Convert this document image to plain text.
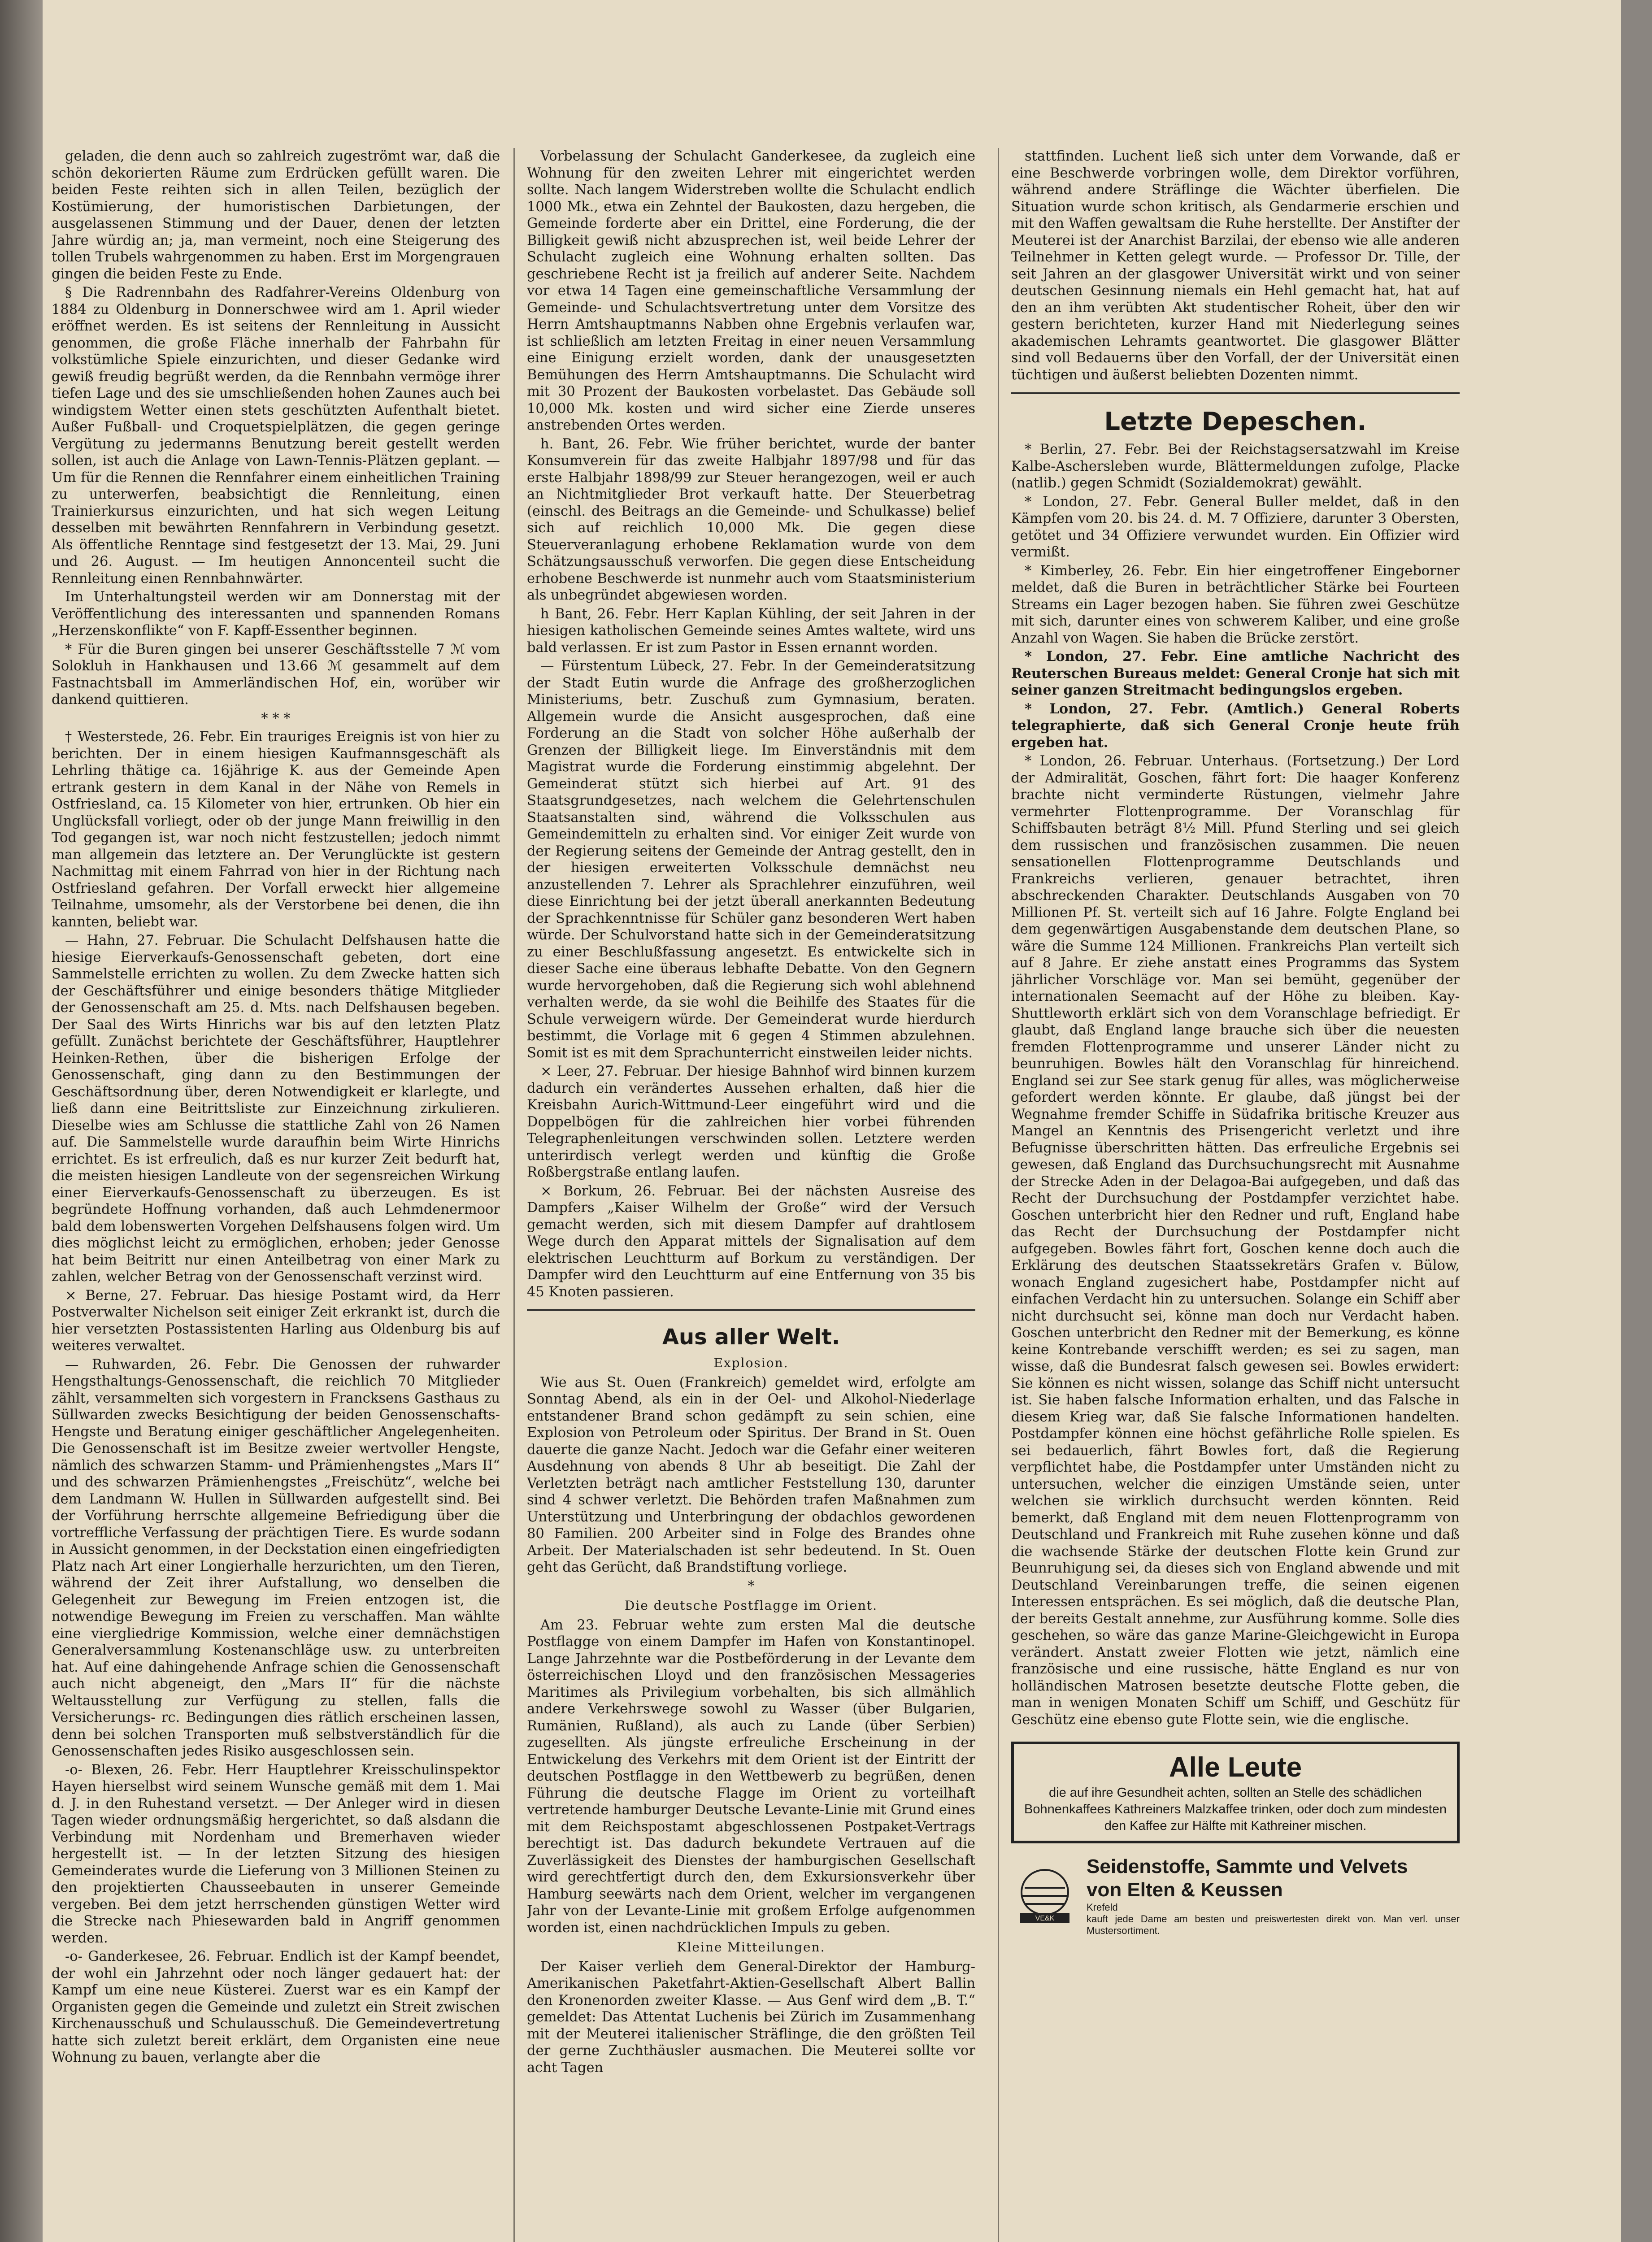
geladen, die denn auch so zahlreich zugeströmt war, daß die schön dekorierten Räume zum Erdrücken gefüllt waren. Die beiden Feste reihten sich in allen Teilen, bezüglich der Kostümierung, der humoristischen Darbietungen, der ausgelassenen Stimmung und der Dauer, denen der letzten Jahre würdig an; ja, man vermeint, noch eine Steigerung des tollen Trubels wahrgenommen zu haben. Erst im Morgengrauen gingen die beiden Feste zu Ende.

§ Die Radrennbahn des Radfahrer-Vereins Oldenburg von 1884 zu Oldenburg in Donnerschwee wird am 1. April wieder eröffnet werden. Es ist seitens der Rennleitung in Aussicht genommen, die große Fläche innerhalb der Fahrbahn für volkstümliche Spiele einzurichten, und dieser Gedanke wird gewiß freudig begrüßt werden, da die Rennbahn vermöge ihrer tiefen Lage und des sie umschließenden hohen Zaunes auch bei windigstem Wetter einen stets geschützten Aufenthalt bietet. Außer Fußball- und Croquetspielplätzen, die gegen geringe Vergütung zu jedermanns Benutzung bereit gestellt werden sollen, ist auch die Anlage von Lawn-Tennis-Plätzen geplant. — Um für die Rennen die Rennfahrer einem einheitlichen Training zu unterwerfen, beabsichtigt die Rennleitung, einen Trainierkursus einzurichten, und hat sich wegen Leitung desselben mit bewährten Rennfahrern in Verbindung gesetzt. Als öffentliche Renntage sind festgesetzt der 13. Mai, 29. Juni und 26. August. — Im heutigen Annoncenteil sucht die Rennleitung einen Rennbahnwärter.

Im Unterhaltungsteil werden wir am Donnerstag mit der Veröffentlichung des interessanten und spannenden Romans „Herzenskonflikte“ von F. Kapff-Essenther beginnen.

* Für die Buren gingen bei unserer Geschäftsstelle 7 ℳ vom Solokluh in Hankhausen und 13.66 ℳ gesammelt auf dem Fastnachtsball im Ammerländischen Hof, ein, worüber wir dankend quittieren.

* * *

† Westerstede, 26. Febr. Ein trauriges Ereignis ist von hier zu berichten. Der in einem hiesigen Kaufmannsgeschäft als Lehrling thätige ca. 16jährige K. aus der Gemeinde Apen ertrank gestern in dem Kanal in der Nähe von Remels in Ostfriesland, ca. 15 Kilometer von hier, ertrunken. Ob hier ein Unglücksfall vorliegt, oder ob der junge Mann freiwillig in den Tod gegangen ist, war noch nicht festzustellen; jedoch nimmt man allgemein das letztere an. Der Verunglückte ist gestern Nachmittag mit einem Fahrrad von hier in der Richtung nach Ostfriesland gefahren. Der Vorfall erweckt hier allgemeine Teilnahme, umsomehr, als der Verstorbene bei denen, die ihn kannten, beliebt war.

— Hahn, 27. Februar. Die Schulacht Delfshausen hatte die hiesige Eierverkaufs-Genossenschaft gebeten, dort eine Sammelstelle errichten zu wollen. Zu dem Zwecke hatten sich der Geschäftsführer und einige besonders thätige Mitglieder der Genossenschaft am 25. d. Mts. nach Delfshausen begeben. Der Saal des Wirts Hinrichs war bis auf den letzten Platz gefüllt. Zunächst berichtete der Geschäftsführer, Hauptlehrer Heinken-Rethen, über die bisherigen Erfolge der Genossenschaft, ging dann zu den Bestimmungen der Geschäftsordnung über, deren Notwendigkeit er klarlegte, und ließ dann eine Beitrittsliste zur Einzeichnung zirkulieren. Dieselbe wies am Schlusse die stattliche Zahl von 26 Namen auf. Die Sammelstelle wurde daraufhin beim Wirte Hinrichs errichtet. Es ist erfreulich, daß es nur kurzer Zeit bedurft hat, die meisten hiesigen Landleute von der segensreichen Wirkung einer Eierverkaufs-Genossenschaft zu überzeugen. Es ist begründete Hoffnung vorhanden, daß auch Lehmdenermoor bald dem lobenswerten Vorgehen Delfshausens folgen wird. Um dies möglichst leicht zu ermöglichen, erhoben; jeder Genosse hat beim Beitritt nur einen Anteilbetrag von einer Mark zu zahlen, welcher Betrag von der Genossenschaft verzinst wird.

× Berne, 27. Februar. Das hiesige Postamt wird, da Herr Postverwalter Nichelson seit einiger Zeit erkrankt ist, durch die hier versetzten Postassistenten Harling aus Oldenburg bis auf weiteres verwaltet.

— Ruhwarden, 26. Febr. Die Genossen der ruhwarder Hengsthaltungs-Genossenschaft, die reichlich 70 Mitglieder zählt, versammelten sich vorgestern in Francksens Gasthaus zu Süllwarden zwecks Besichtigung der beiden Genossenschafts-Hengste und Beratung einiger geschäftlicher Angelegenheiten. Die Genossenschaft ist im Besitze zweier wertvoller Hengste, nämlich des schwarzen Stamm- und Prämienhengstes „Mars II“ und des schwarzen Prämienhengstes „Freischütz“, welche bei dem Landmann W. Hullen in Süllwarden aufgestellt sind. Bei der Vorführung herrschte allgemeine Befriedigung über die vortreffliche Verfassung der prächtigen Tiere. Es wurde sodann in Aussicht genommen, in der Deckstation einen eingefriedigten Platz nach Art einer Longierhalle herzurichten, um den Tieren, während der Zeit ihrer Aufstallung, wo denselben die Gelegenheit zur Bewegung im Freien entzogen ist, die notwendige Bewegung im Freien zu verschaffen. Man wählte eine viergliedrige Kommission, welche einer demnächstigen Generalversammlung Kostenanschläge usw. zu unterbreiten hat. Auf eine dahingehende Anfrage schien die Genossenschaft auch nicht abgeneigt, den „Mars II“ für die nächste Weltausstellung zur Verfügung zu stellen, falls die Versicherungs- rc. Bedingungen dies rätlich erscheinen lassen, denn bei solchen Transporten muß selbstverständlich für die Genossenschaften jedes Risiko ausgeschlossen sein.

-o- Blexen, 26. Febr. Herr Hauptlehrer Kreisschulinspektor Hayen hierselbst wird seinem Wunsche gemäß mit dem 1. Mai d. J. in den Ruhestand versetzt. — Der Anleger wird in diesen Tagen wieder ordnungsmäßig hergerichtet, so daß alsdann die Verbindung mit Nordenham und Bremerhaven wieder hergestellt ist. — In der letzten Sitzung des hiesigen Gemeinderates wurde die Lieferung von 3 Millionen Steinen zu den projektierten Chausseebauten in unserer Gemeinde vergeben. Bei dem jetzt herrschenden günstigen Wetter wird die Strecke nach Phiesewarden bald in Angriff genommen werden.

-o- Ganderkesee, 26. Februar. Endlich ist der Kampf beendet, der wohl ein Jahrzehnt oder noch länger gedauert hat: der Kampf um eine neue Küsterei. Zuerst war es ein Kampf der Organisten gegen die Gemeinde und zuletzt ein Streit zwischen Kirchenausschuß und Schulausschuß. Die Gemeindevertretung hatte sich zuletzt bereit erklärt, dem Organisten eine neue Wohnung zu bauen, verlangte aber die

Vorbelassung der Schulacht Ganderkesee, da zugleich eine Wohnung für den zweiten Lehrer mit eingerichtet werden sollte. Nach langem Widerstreben wollte die Schulacht endlich 1000 Mk., etwa ein Zehntel der Baukosten, dazu hergeben, die Gemeinde forderte aber ein Drittel, eine Forderung, die der Billigkeit gewiß nicht abzusprechen ist, weil beide Lehrer der Schulacht zugleich eine Wohnung erhalten sollten. Das geschriebene Recht ist ja freilich auf anderer Seite. Nachdem vor etwa 14 Tagen eine gemeinschaftliche Versammlung der Gemeinde- und Schulachtsvertretung unter dem Vorsitze des Herrn Amtshauptmanns Nabben ohne Ergebnis verlaufen war, ist schließlich am letzten Freitag in einer neuen Versammlung eine Einigung erzielt worden, dank der unausgesetzten Bemühungen des Herrn Amtshauptmanns. Die Schulacht wird mit 30 Prozent der Baukosten vorbelastet. Das Gebäude soll 10,000 Mk. kosten und wird sicher eine Zierde unseres anstrebenden Ortes werden.

h. Bant, 26. Febr. Wie früher berichtet, wurde der banter Konsumverein für das zweite Halbjahr 1897/98 und für das erste Halbjahr 1898/99 zur Steuer herangezogen, weil er auch an Nichtmitglieder Brot verkauft hatte. Der Steuerbetrag (einschl. des Beitrags an die Gemeinde- und Schulkasse) belief sich auf reichlich 10,000 Mk. Die gegen diese Steuerveranlagung erhobene Reklamation wurde von dem Schätzungsausschuß verworfen. Die gegen diese Entscheidung erhobene Beschwerde ist nunmehr auch vom Staatsministerium als unbegründet abgewiesen worden.

h Bant, 26. Febr. Herr Kaplan Kühling, der seit Jahren in der hiesigen katholischen Gemeinde seines Amtes waltete, wird uns bald verlassen. Er ist zum Pastor in Essen ernannt worden.

— Fürstentum Lübeck, 27. Febr. In der Gemeinderatsitzung der Stadt Eutin wurde die Anfrage des großherzoglichen Ministeriums, betr. Zuschuß zum Gymnasium, beraten. Allgemein wurde die Ansicht ausgesprochen, daß eine Forderung an die Stadt von solcher Höhe außerhalb der Grenzen der Billigkeit liege. Im Einverständnis mit dem Magistrat wurde die Forderung einstimmig abgelehnt. Der Gemeinderat stützt sich hierbei auf Art. 91 des Staatsgrundgesetzes, nach welchem die Gelehrtenschulen Staatsanstalten sind, während die Volksschulen aus Gemeindemitteln zu erhalten sind. Vor einiger Zeit wurde von der Regierung seitens der Gemeinde der Antrag gestellt, den in der hiesigen erweiterten Volksschule demnächst neu anzustellenden 7. Lehrer als Sprachlehrer einzuführen, weil diese Einrichtung bei der jetzt überall anerkannten Bedeutung der Sprachkenntnisse für Schüler ganz besonderen Wert haben würde. Der Schulvorstand hatte sich in der Gemeinderatsitzung zu einer Beschlußfassung angesetzt. Es entwickelte sich in dieser Sache eine überaus lebhafte Debatte. Von den Gegnern wurde hervorgehoben, daß die Regierung sich wohl ablehnend verhalten werde, da sie wohl die Beihilfe des Staates für die Schule verweigern würde. Der Gemeinderat wurde hierdurch bestimmt, die Vorlage mit 6 gegen 4 Stimmen abzulehnen. Somit ist es mit dem Sprachunterricht einstweilen leider nichts.

× Leer, 27. Februar. Der hiesige Bahnhof wird binnen kurzem dadurch ein verändertes Aussehen erhalten, daß hier die Kreisbahn Aurich-Wittmund-Leer eingeführt wird und die Doppelbögen für die zahlreichen hier vorbei führenden Telegraphenleitungen verschwinden sollen. Letztere werden unterirdisch verlegt werden und künftig die Große Roßbergstraße entlang laufen.

× Borkum, 26. Februar. Bei der nächsten Ausreise des Dampfers „Kaiser Wilhelm der Große“ wird der Versuch gemacht werden, sich mit diesem Dampfer auf drahtlosem Wege durch den Apparat mittels der Signalisation auf dem elektrischen Leuchtturm auf Borkum zu verständigen. Der Dampfer wird den Leuchtturm auf eine Entfernung von 35 bis 45 Knoten passieren.

Aus aller Welt.
Explosion.

Wie aus St. Ouen (Frankreich) gemeldet wird, erfolgte am Sonntag Abend, als ein in der Oel- und Alkohol-Niederlage entstandener Brand schon gedämpft zu sein schien, eine Explosion von Petroleum oder Spiritus. Der Brand in St. Ouen dauerte die ganze Nacht. Jedoch war die Gefahr einer weiteren Ausdehnung von abends 8 Uhr ab beseitigt. Die Zahl der Verletzten beträgt nach amtlicher Feststellung 130, darunter sind 4 schwer verletzt. Die Behörden trafen Maßnahmen zum Unterstützung und Unterbringung der obdachlos gewordenen 80 Familien. 200 Arbeiter sind in Folge des Brandes ohne Arbeit. Der Materialschaden ist sehr bedeutend. In St. Ouen geht das Gerücht, daß Brandstiftung vorliege.

*
Die deutsche Postflagge im Orient.

Am 23. Februar wehte zum ersten Mal die deutsche Postflagge von einem Dampfer im Hafen von Konstantinopel. Lange Jahrzehnte war die Postbeförderung in der Levante dem österreichischen Lloyd und den französischen Messageries Maritimes als Privilegium vorbehalten, bis sich allmählich andere Verkehrswege sowohl zu Wasser (über Bulgarien, Rumänien, Rußland), als auch zu Lande (über Serbien) zugesellten. Als jüngste erfreuliche Erscheinung in der Entwickelung des Verkehrs mit dem Orient ist der Eintritt der deutschen Postflagge in den Wettbewerb zu begrüßen, denen Führung die deutsche Flagge im Orient zu vorteilhaft vertretende hamburger Deutsche Levante-Linie mit Grund eines mit dem Reichspostamt abgeschlossenen Postpaket-Vertrags berechtigt ist. Das dadurch bekundete Vertrauen auf die Zuverlässigkeit des Dienstes der hamburgischen Gesellschaft wird gerechtfertigt durch den, dem Exkursionsverkehr über Hamburg seewärts nach dem Orient, welcher im vergangenen Jahr von der Levante-Linie mit großem Erfolge aufgenommen worden ist, einen nachdrücklichen Impuls zu geben.

Kleine Mitteilungen.

Der Kaiser verlieh dem General-Direktor der Hamburg-Amerikanischen Paketfahrt-Aktien-Gesellschaft Albert Ballin den Kronenorden zweiter Klasse. — Aus Genf wird dem „B. T.“ gemeldet: Das Attentat Luchenis bei Zürich im Zusammenhang mit der Meuterei italienischer Sträflinge, die den größten Teil der gerne Zuchthäusler ausmachen. Die Meuterei sollte vor acht Tagen

stattfinden. Luchent ließ sich unter dem Vorwande, daß er eine Beschwerde vorbringen wolle, dem Direktor vorführen, während andere Sträflinge die Wächter überfielen. Die Situation wurde schon kritisch, als Gendarmerie erschien und mit den Waffen gewaltsam die Ruhe herstellte. Der Anstifter der Meuterei ist der Anarchist Barzilai, der ebenso wie alle anderen Teilnehmer in Ketten gelegt wurde. — Professor Dr. Tille, der seit Jahren an der glasgower Universität wirkt und von seiner deutschen Gesinnung niemals ein Hehl gemacht hat, hat auf den an ihm verübten Akt studentischer Roheit, über den wir gestern berichteten, kurzer Hand mit Niederlegung seines akademischen Lehramts geantwortet. Die glasgower Blätter sind voll Bedauerns über den Vorfall, der der Universität einen tüchtigen und äußerst beliebten Dozenten nimmt.

Letzte Depeschen.

* Berlin, 27. Febr. Bei der Reichstagsersatzwahl im Kreise Kalbe-Aschersleben wurde, Blättermeldungen zufolge, Placke (natlib.) gegen Schmidt (Sozialdemokrat) gewählt.

* London, 27. Febr. General Buller meldet, daß in den Kämpfen vom 20. bis 24. d. M. 7 Offiziere, darunter 3 Obersten, getötet und 34 Offiziere verwundet wurden. Ein Offizier wird vermißt.

* Kimberley, 26. Febr. Ein hier eingetroffener Eingeborner meldet, daß die Buren in beträchtlicher Stärke bei Fourteen Streams ein Lager bezogen haben. Sie führen zwei Geschütze mit sich, darunter eines von schwerem Kaliber, und eine große Anzahl von Wagen. Sie haben die Brücke zerstört.

* London, 27. Febr. Eine amtliche Nachricht des Reuterschen Bureaus meldet: General Cronje hat sich mit seiner ganzen Streitmacht bedingungslos ergeben.

* London, 27. Febr. (Amtlich.) General Roberts telegraphierte, daß sich General Cronje heute früh ergeben hat.

* London, 26. Februar. Unterhaus. (Fortsetzung.) Der Lord der Admiralität, Goschen, fährt fort: Die haager Konferenz brachte nicht verminderte Rüstungen, vielmehr Jahre vermehrter Flottenprogramme. Der Voranschlag für Schiffsbauten beträgt 8½ Mill. Pfund Sterling und sei gleich dem russischen und französischen zusammen. Die neuen sensationellen Flottenprogramme Deutschlands und Frankreichs verlieren, genauer betrachtet, ihren abschreckenden Charakter. Deutschlands Ausgaben von 70 Millionen Pf. St. verteilt sich auf 16 Jahre. Folgte England bei dem gegenwärtigen Ausgabenstande dem deutschen Plane, so wäre die Summe 124 Millionen. Frankreichs Plan verteilt sich auf 8 Jahre. Er ziehe anstatt eines Programms das System jährlicher Vorschläge vor. Man sei bemüht, gegenüber der internationalen Seemacht auf der Höhe zu bleiben. Kay-Shuttleworth erklärt sich von dem Voranschlage befriedigt. Er glaubt, daß England lange brauche sich über die neuesten fremden Flottenprogramme und unserer Länder nicht zu beunruhigen. Bowles hält den Voranschlag für hinreichend. England sei zur See stark genug für alles, was möglicherweise gefordert werden könnte. Er glaube, daß jüngst bei der Wegnahme fremder Schiffe in Südafrika britische Kreuzer aus Mangel an Kenntnis des Prisengericht verletzt und ihre Befugnisse überschritten hätten. Das erfreuliche Ergebnis sei gewesen, daß England das Durchsuchungsrecht mit Ausnahme der Strecke Aden in der Delagoa-Bai aufgegeben, und daß das Recht der Durchsuchung der Postdampfer verzichtet habe. Goschen unterbricht hier den Redner und ruft, England habe das Recht der Durchsuchung der Postdampfer nicht aufgegeben. Bowles fährt fort, Goschen kenne doch auch die Erklärung des deutschen Staatssekretärs Grafen v. Bülow, wonach England zugesichert habe, Postdampfer nicht auf einfachen Verdacht hin zu untersuchen. Solange ein Schiff aber nicht durchsucht sei, könne man doch nur Verdacht haben. Goschen unterbricht den Redner mit der Bemerkung, es könne keine Kontrebande verschifft werden; es sei zu sagen, man wisse, daß die Bundesrat falsch gewesen sei. Bowles erwidert: Sie können es nicht wissen, solange das Schiff nicht untersucht ist. Sie haben falsche Information erhalten, und das Falsche in diesem Krieg war, daß Sie falsche Informationen handelten. Postdampfer können eine höchst gefährliche Rolle spielen. Es sei bedauerlich, fährt Bowles fort, daß die Regierung verpflichtet habe, die Postdampfer unter Umständen nicht zu untersuchen, welcher die einzigen Umstände seien, unter welchen sie wirklich durchsucht werden könnten. Reid bemerkt, daß England mit dem neuen Flottenprogramm von Deutschland und Frankreich mit Ruhe zusehen könne und daß die wachsende Stärke der deutschen Flotte kein Grund zur Beunruhigung sei, da dieses sich von England abwende und mit Deutschland Vereinbarungen treffe, die seinen eigenen Interessen entsprächen. Es sei möglich, daß die deutsche Plan, der bereits Gestalt annehme, zur Ausführung komme. Solle dies geschehen, so wäre das ganze Marine-Gleichgewicht in Europa verändert. Anstatt zweier Flotten wie jetzt, nämlich eine französische und eine russische, hätte England es nur von holländischen Matrosen besetzte deutsche Flotte geben, die man in wenigen Monaten Schiff um Schiff, und Geschütz für Geschütz eine ebenso gute Flotte sein, wie die englische.

Alle Leute
die auf ihre Gesundheit achten, sollten an Stelle des schädlichen Bohnenkaffees Kathreiners Malzkaffee trinken, oder doch zum mindesten den Kaffee zur Hälfte mit Kathreiner mischen.
VE&K
Seidenstoffe, Sammte und Velvets
von Elten & Keussen
Krefeld
kauft jede Dame am besten und preiswertesten direkt von. Man verl. unser Mustersortiment.
